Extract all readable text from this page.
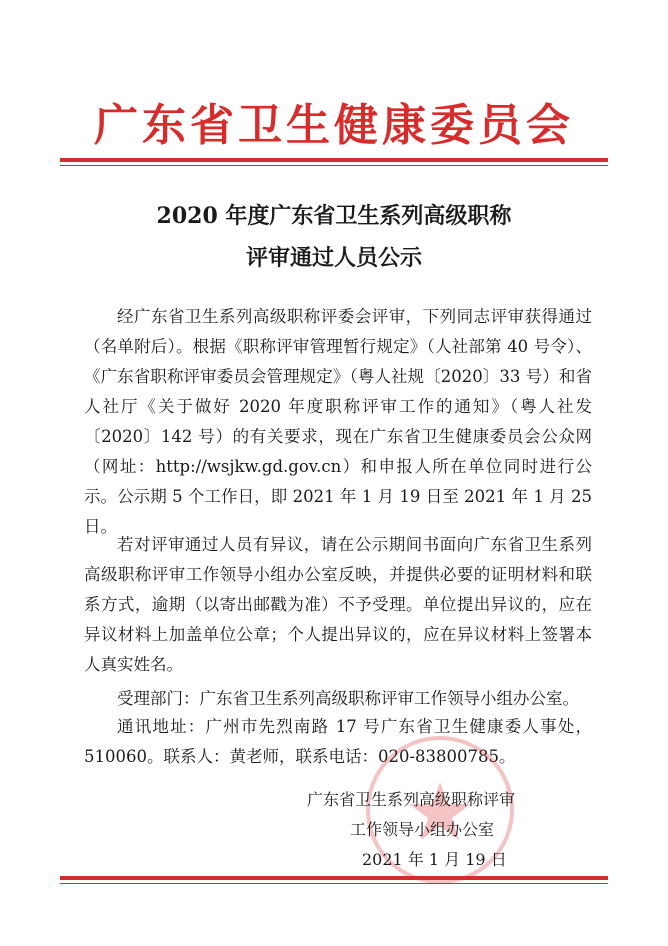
广东省卫生健康委员会
2020 年度广东省卫生系列高级职称
评审通过人员公示

经广东省卫生系列高级职称评委会评审，下列同志评审获得通过（名单附后）。根据《职称评审管理暂行规定》（人社部第 40 号令）、《广东省职称评审委员会管理规定》（粤人社规〔2020〕33 号）和省人社厅《关于做好 2020 年度职称评审工作的通知》（粤人社发〔2020〕142 号）的有关要求，现在广东省卫生健康委员会公众网（网址：http://wsjkw.gd.gov.cn）和申报人所在单位同时进行公示。公示期 5 个工作日，即 2021 年 1 月 19 日至 2021 年 1 月 25 日。

若对评审通过人员有异议，请在公示期间书面向广东省卫生系列高级职称评审工作领导小组办公室反映，并提供必要的证明材料和联系方式，逾期（以寄出邮戳为准）不予受理。单位提出异议的，应在异议材料上加盖单位公章；个人提出异议的，应在异议材料上签署本人真实姓名。

受理部门：广东省卫生系列高级职称评审工作领导小组办公室。

通讯地址：广州市先烈南路 17 号广东省卫生健康委人事处，510060。联系人：黄老师，联系电话：020-83800785。

广东省卫生系列高级职称评审
工作领导小组办公室
2021 年 1 月 19 日
